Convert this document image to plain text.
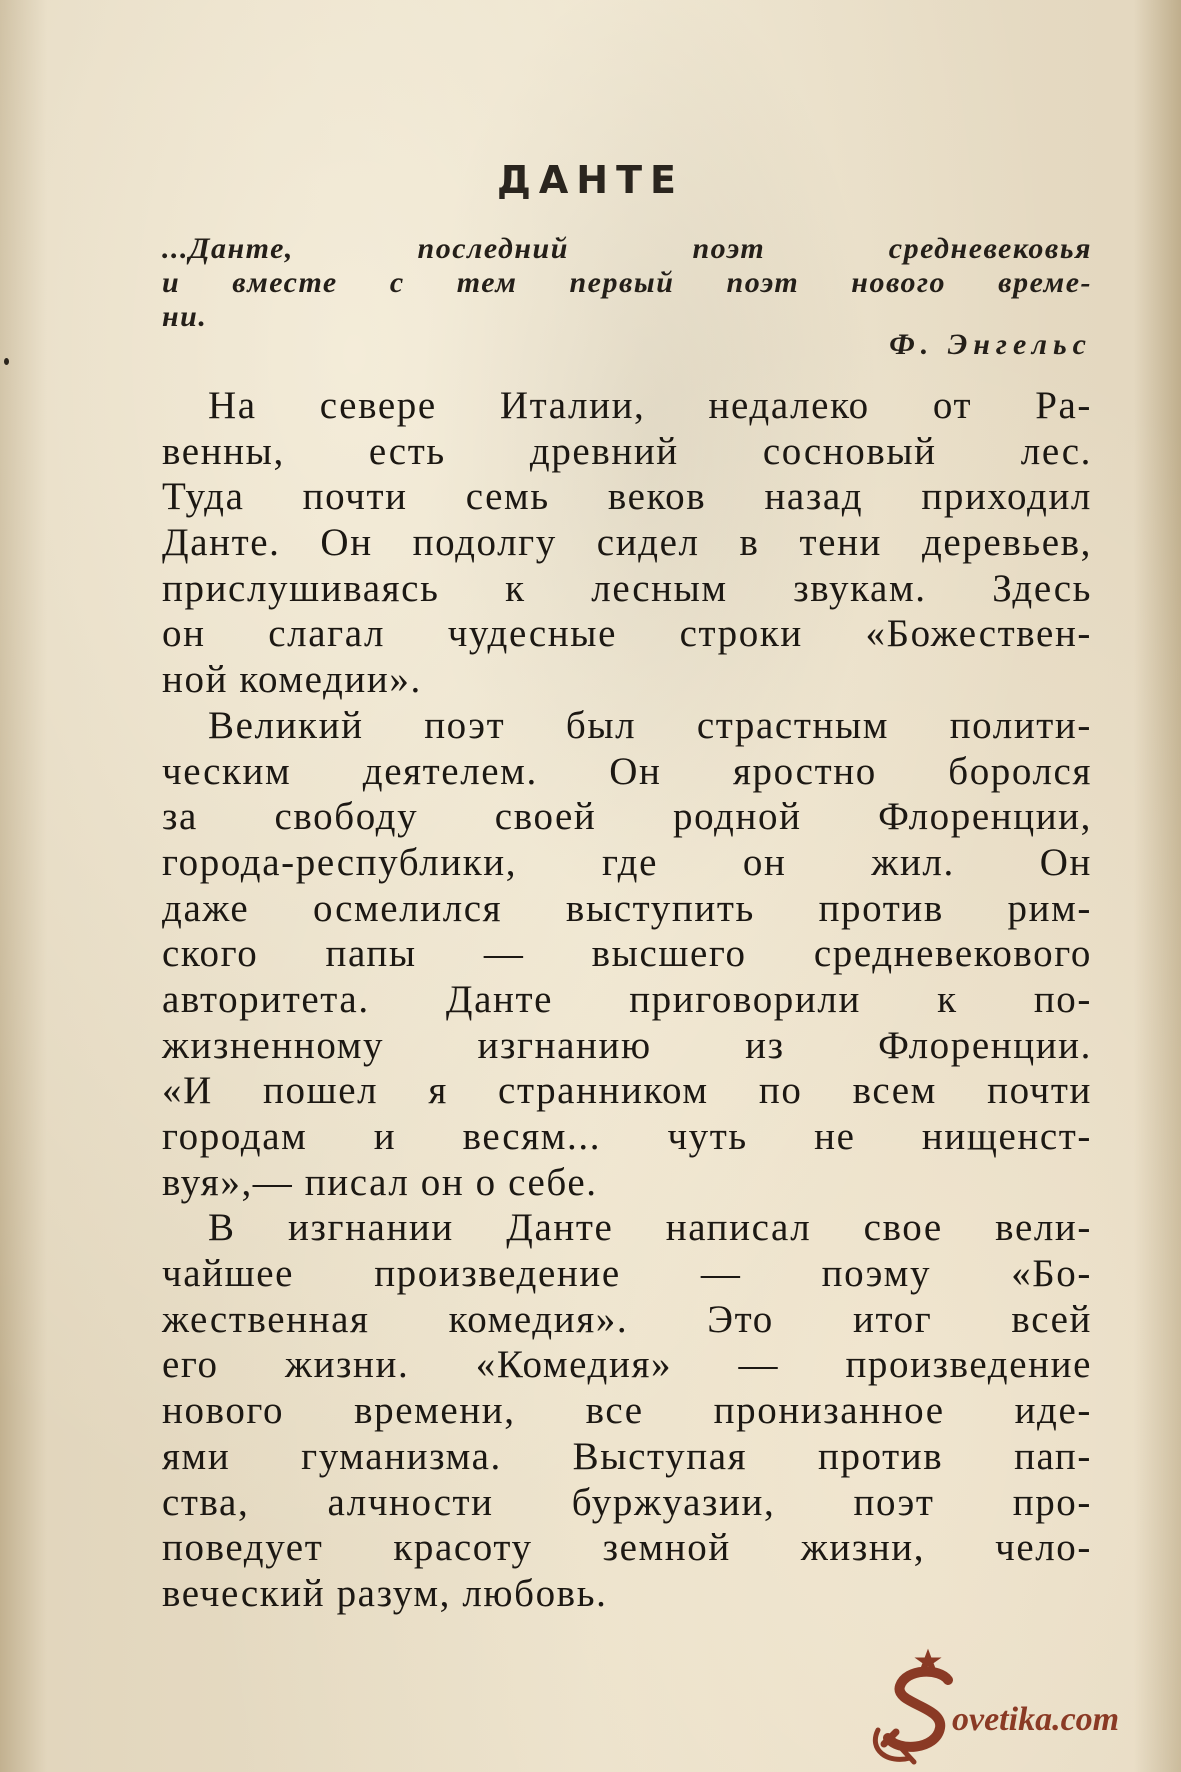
ДАНТЕ
...Данте, последний поэт средневековья
и вместе с тем первый поэт нового време-
ни.
Ф. Энгельс
На севере Италии, недалеко от Ра-
венны, есть древний сосновый лес.
Туда почти семь веков назад приходил
Данте. Он подолгу сидел в тени деревьев,
прислушиваясь к лесным звукам. Здесь
он слагал чудесные строки «Божествен-
ной комедии».
Великий поэт был страстным полити-
ческим деятелем. Он яростно боролся
за свободу своей родной Флоренции,
города-республики, где он жил. Он
даже осмелился выступить против рим-
ского папы — высшего средневекового
авторитета. Данте приговорили к по-
жизненному изгнанию из Флоренции.
«И пошел я странником по всем почти
городам и весям... чуть не нищенст-
вуя»,— писал он о себе.
В изгнании Данте написал свое вели-
чайшее произведение — поэму «Бо-
жественная комедия». Это итог всей
его жизни. «Комедия» — произведение
нового времени, все пронизанное иде-
ями гуманизма. Выступая против пап-
ства, алчности буржуазии, поэт про-
поведует красоту земной жизни, чело-
веческий разум, любовь.
ovetika.com
